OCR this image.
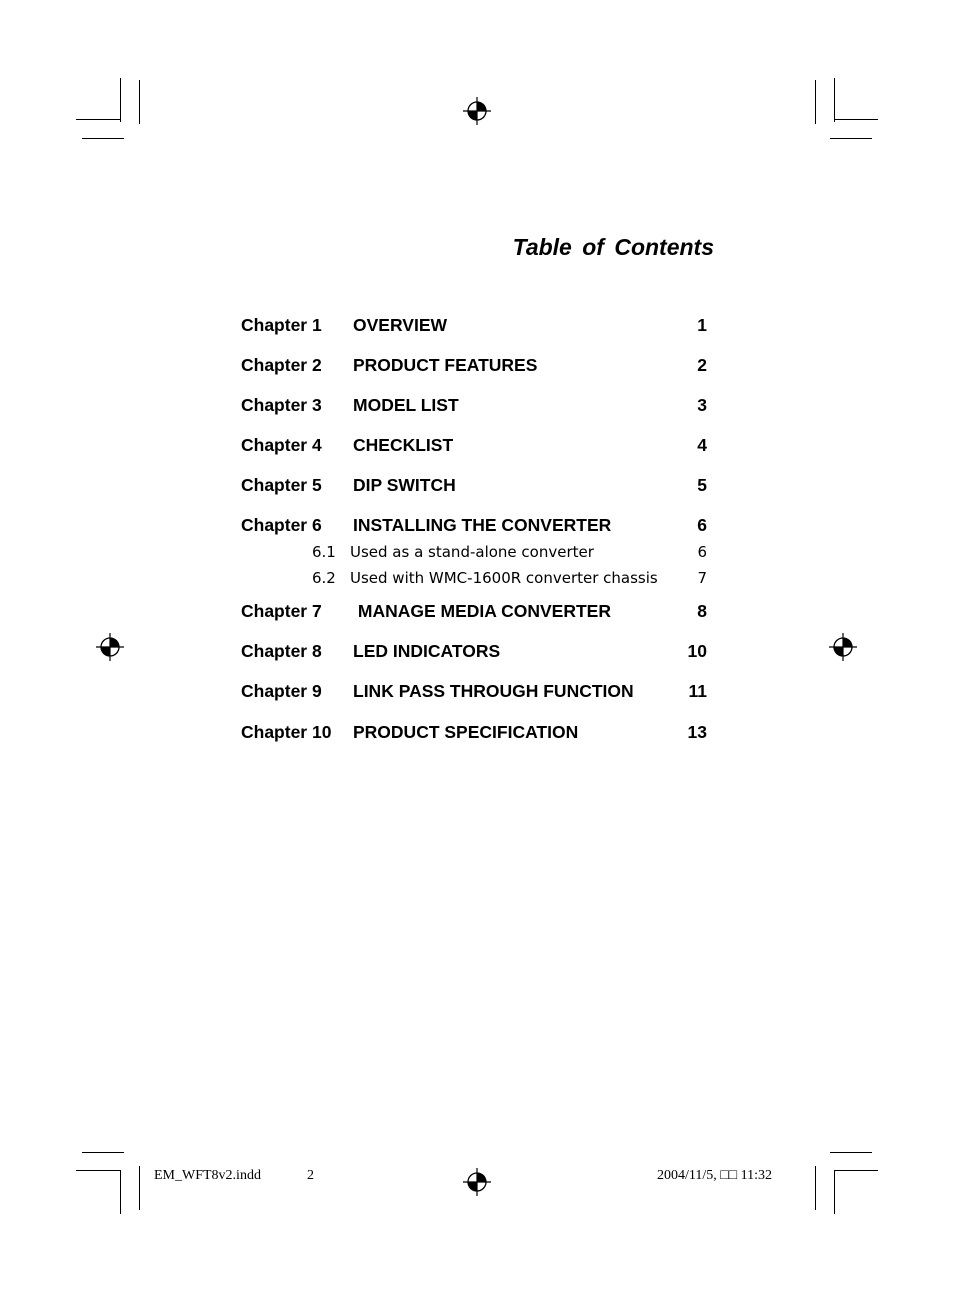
Table of Contents
Chapter 1 OVERVIEW	1
Chapter 2 PRODUCT FEATURES	2
Chapter 3 MODEL LIST	3
Chapter 4 CHECKLIST	4
Chapter 5 DIP SWITCH	5
Chapter 6 INSTALLING THE CONVERTER	6
6.1 Used as a stand-alone converter	6
6.2 Used with WMC-1600R converter chassis	7
Chapter 7 MANAGE MEDIA CONVERTER	8
Chapter 8 LED INDICATORS	10
Chapter 9 LINK PASS THROUGH FUNCTION	11
Chapter 10 PRODUCT SPECIFICATION	13
EM_WFT8v2.indd	2	2004/11/5, □□ 11:32
